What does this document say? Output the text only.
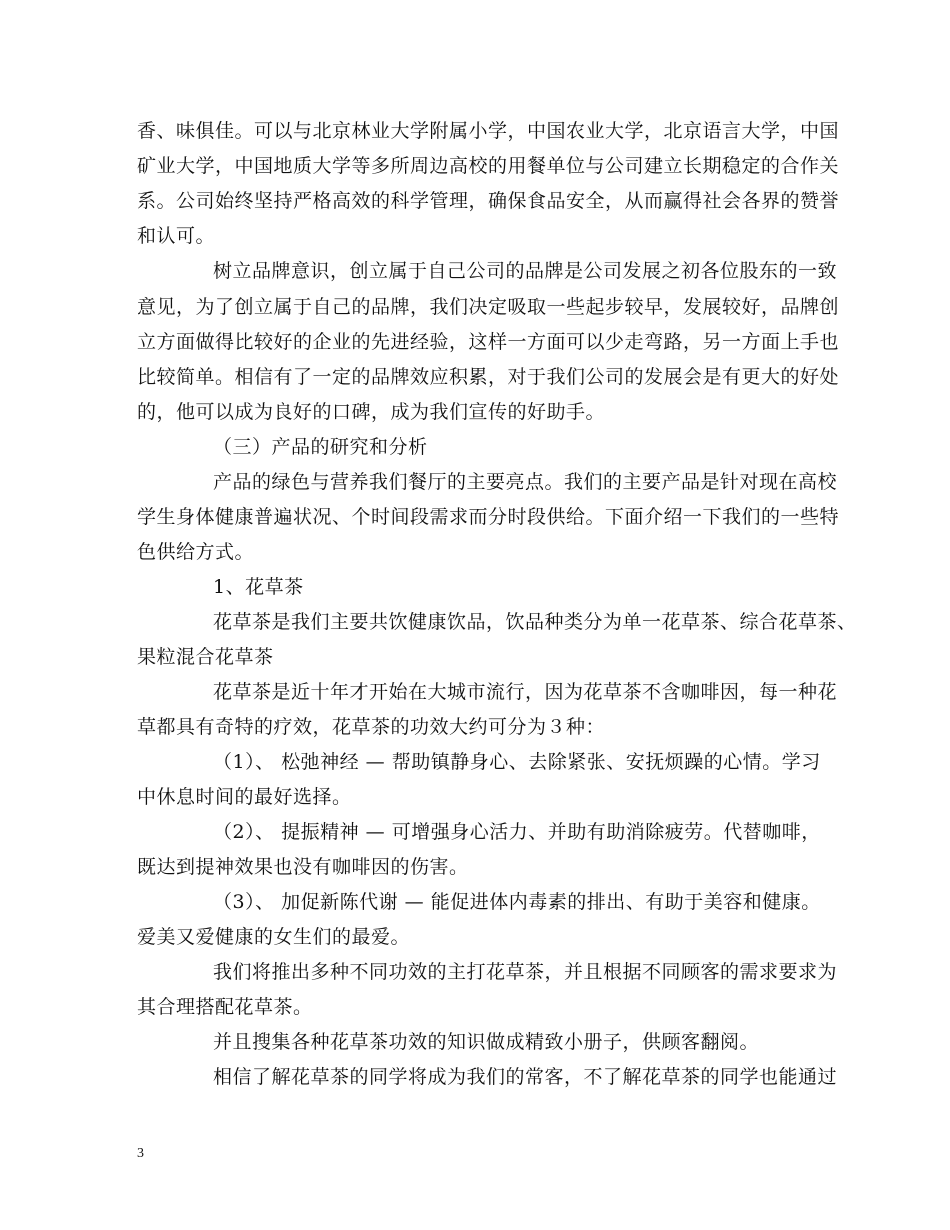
香、味俱佳。可以与北京林业大学附属小学，中国农业大学，北京语言大学，中国
矿业大学，中国地质大学等多所周边高校的用餐单位与公司建立长期稳定的合作关
系。公司始终坚持严格高效的科学管理，确保食品安全，从而赢得社会各界的赞誉
和认可。
树立品牌意识，创立属于自己公司的品牌是公司发展之初各位股东的一致
意见，为了创立属于自己的品牌，我们决定吸取一些起步较早，发展较好，品牌创
立方面做得比较好的企业的先进经验，这样一方面可以少走弯路，另一方面上手也
比较简单。相信有了一定的品牌效应积累，对于我们公司的发展会是有更大的好处
的，他可以成为良好的口碑，成为我们宣传的好助手。
（三）产品的研究和分析
产品的绿色与营养我们餐厅的主要亮点。我们的主要产品是针对现在高校
学生身体健康普遍状况、个时间段需求而分时段供给。下面介绍一下我们的一些特
色供给方式。
1、花草茶
花草茶是我们主要共饮健康饮品，饮品种类分为单一花草茶、综合花草茶、
果粒混合花草茶
花草茶是近十年才开始在大城市流行，因为花草茶不含咖啡因，每一种花
草都具有奇特的疗效，花草茶的功效大约可分为３种：
（1）、 松弛神经 — 帮助镇静身心、去除紧张、安抚烦躁的心情。学习
中休息时间的最好选择。
（2）、 提振精神 — 可增强身心活力、并助有助消除疲劳。代替咖啡，
既达到提神效果也没有咖啡因的伤害。
（3）、 加促新陈代谢 — 能促进体内毒素的排出、有助于美容和健康。
爱美又爱健康的女生们的最爱。
我们将推出多种不同功效的主打花草茶，并且根据不同顾客的需求要求为
其合理搭配花草茶。
并且搜集各种花草茶功效的知识做成精致小册子，供顾客翻阅。
相信了解花草茶的同学将成为我们的常客，不了解花草茶的同学也能通过
3
